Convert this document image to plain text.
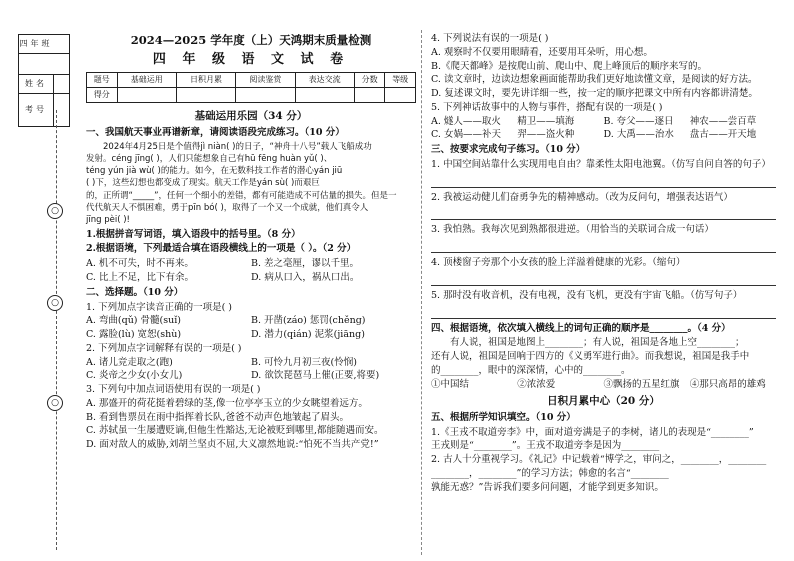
四年班
姓名
考号
○
○
○
2024—2025 学年度（上）天鸿期末质量检测
四 年 级 语 文 试 卷
题号	基础运用	日积月累	阅读鉴赏	表达交流	分数	等级
得分						
基础运用乐园（34 分）

一、我国航天事业再谱新章，请阅读语段完成练习。（10 分）

2024年4月25日是个值得jì niàn( )的日子，“神舟十八号”载人飞船成功

发射。céng jīng( )，人们只能想象自己有hū fēng huàn yǔ( )、

téng yún jià wù( )的能力。如今，在无数科技工作者的潜心yán jiū

( )下，这些幻想也都变成了现实。航天工作是yán sù( )而艰巨

的，正所谓“_____”，任何一个细小的差错，都有可能造成不可估量的损失。但是一

代代航天人不惧困难，勇于pīn bó( )，取得了一个又一个成就，他们真令人

jīng pèi( )!

1.根据拼音写词语，填入语段中的括号里。（8 分）

2.根据语境，下列最适合填在语段横线上的一项是（ ）。（2 分）

A. 机不可失，时不再来。	B. 差之毫厘，谬以千里。
C. 比上不足，比下有余。	D. 病从口入，祸从口出。

二、选择题。（10 分）

1. 下列加点字读音正确的一项是( )

A. 弯曲(qǔ) 骨髓(suǐ)	B. 开凿(záo) 惩罚(chěng)
C. 露脸(lù) 宽恕(shù)	D. 潜力(qián) 泥浆(jiāng)

2. 下列加点字词解释有误的一项是( )

A. 诸儿竞走取之(跑)	B. 可怜九月初三夜(怜悯)
C. 炎帝之少女(小女儿)	D. 欲饮琵琶马上催(正要,将要)

3. 下列句中加点词语使用有误的一项是( )

A. 那盛开的荷花挺着碧绿的茎,像一位亭亭玉立的少女眺望着远方。

B. 看到售票员在雨中指挥着长队,爸爸不动声色地皱起了眉头。

C. 苏轼虽一生屡遭贬谪,但他生性豁达,无论被贬到哪里,都能随遇而安。

D. 面对敌人的威胁,刘胡兰坚贞不屈,大义凛然地说:“怕死不当共产党!”

4. 下列说法有误的一项是( )

A. 观察时不仅要用眼睛看，还要用耳朵听，用心想。

B.《爬天都峰》是按爬山前、爬山中、爬上峰顶后的顺序来写的。

C. 读文章时，边读边想象画面能帮助我们更好地读懂文章，是阅读的好方法。

D. 复述课文时，要先讲详细一些，按一定的顺序把课文中所有内容都讲清楚。

5. 下列神话故事中的人物与事件，搭配有误的一项是( )

A. 燧人——取火	精卫——填海	B. 夸父——逐日	神农——尝百草
C. 女娲——补天	羿——盗火种	D. 大禹——治水	盘古——开天地

三、按要求完成句子练习。（10 分）

1. 中国空间站靠什么实现用电自由？靠柔性太阳电池翼。（仿写自问自答的句子）

2. 我被运动健儿们奋勇争先的精神感动。（改为反问句，增强表达语气）

3. 我怕熟。我每次见到熟都很进逆。（用恰当的关联词合成一句话）

4. 顶楼窗子旁那个小女孩的脸上洋溢着健康的光彩。（缩句）

5. 那时没有收音机，没有电视，没有飞机，更没有宇宙飞船。（仿写句子）

四、根据语境，依次填入横线上的词句正确的顺序是________。（4 分）

有人说，祖国是地图上________；有人说，祖国是各地上空________；

还有人说，祖国是回响于四方的《义勇军进行曲》。而我想说，祖国是我手中

的________，眼中的深深情，心中的________。

①中国结	②浓浓爱	③飘扬的五星红旗	④那只高昂的雄鸡
日积月累中心（20 分）

五、根据所学知识填空。（10 分）

1.《王戎不取道旁李》中，面对道旁满是子的李树，诸儿的表现是“________”

王戎则是“________”。王戎不取道旁李是因为________

2. 古人十分重视学习。《礼记》中记载着“博学之，审问之，________，________

________，________”的学习方法；韩愈的名言“________

孰能无惑？”告诉我们要多问问题，才能学到更多知识。
